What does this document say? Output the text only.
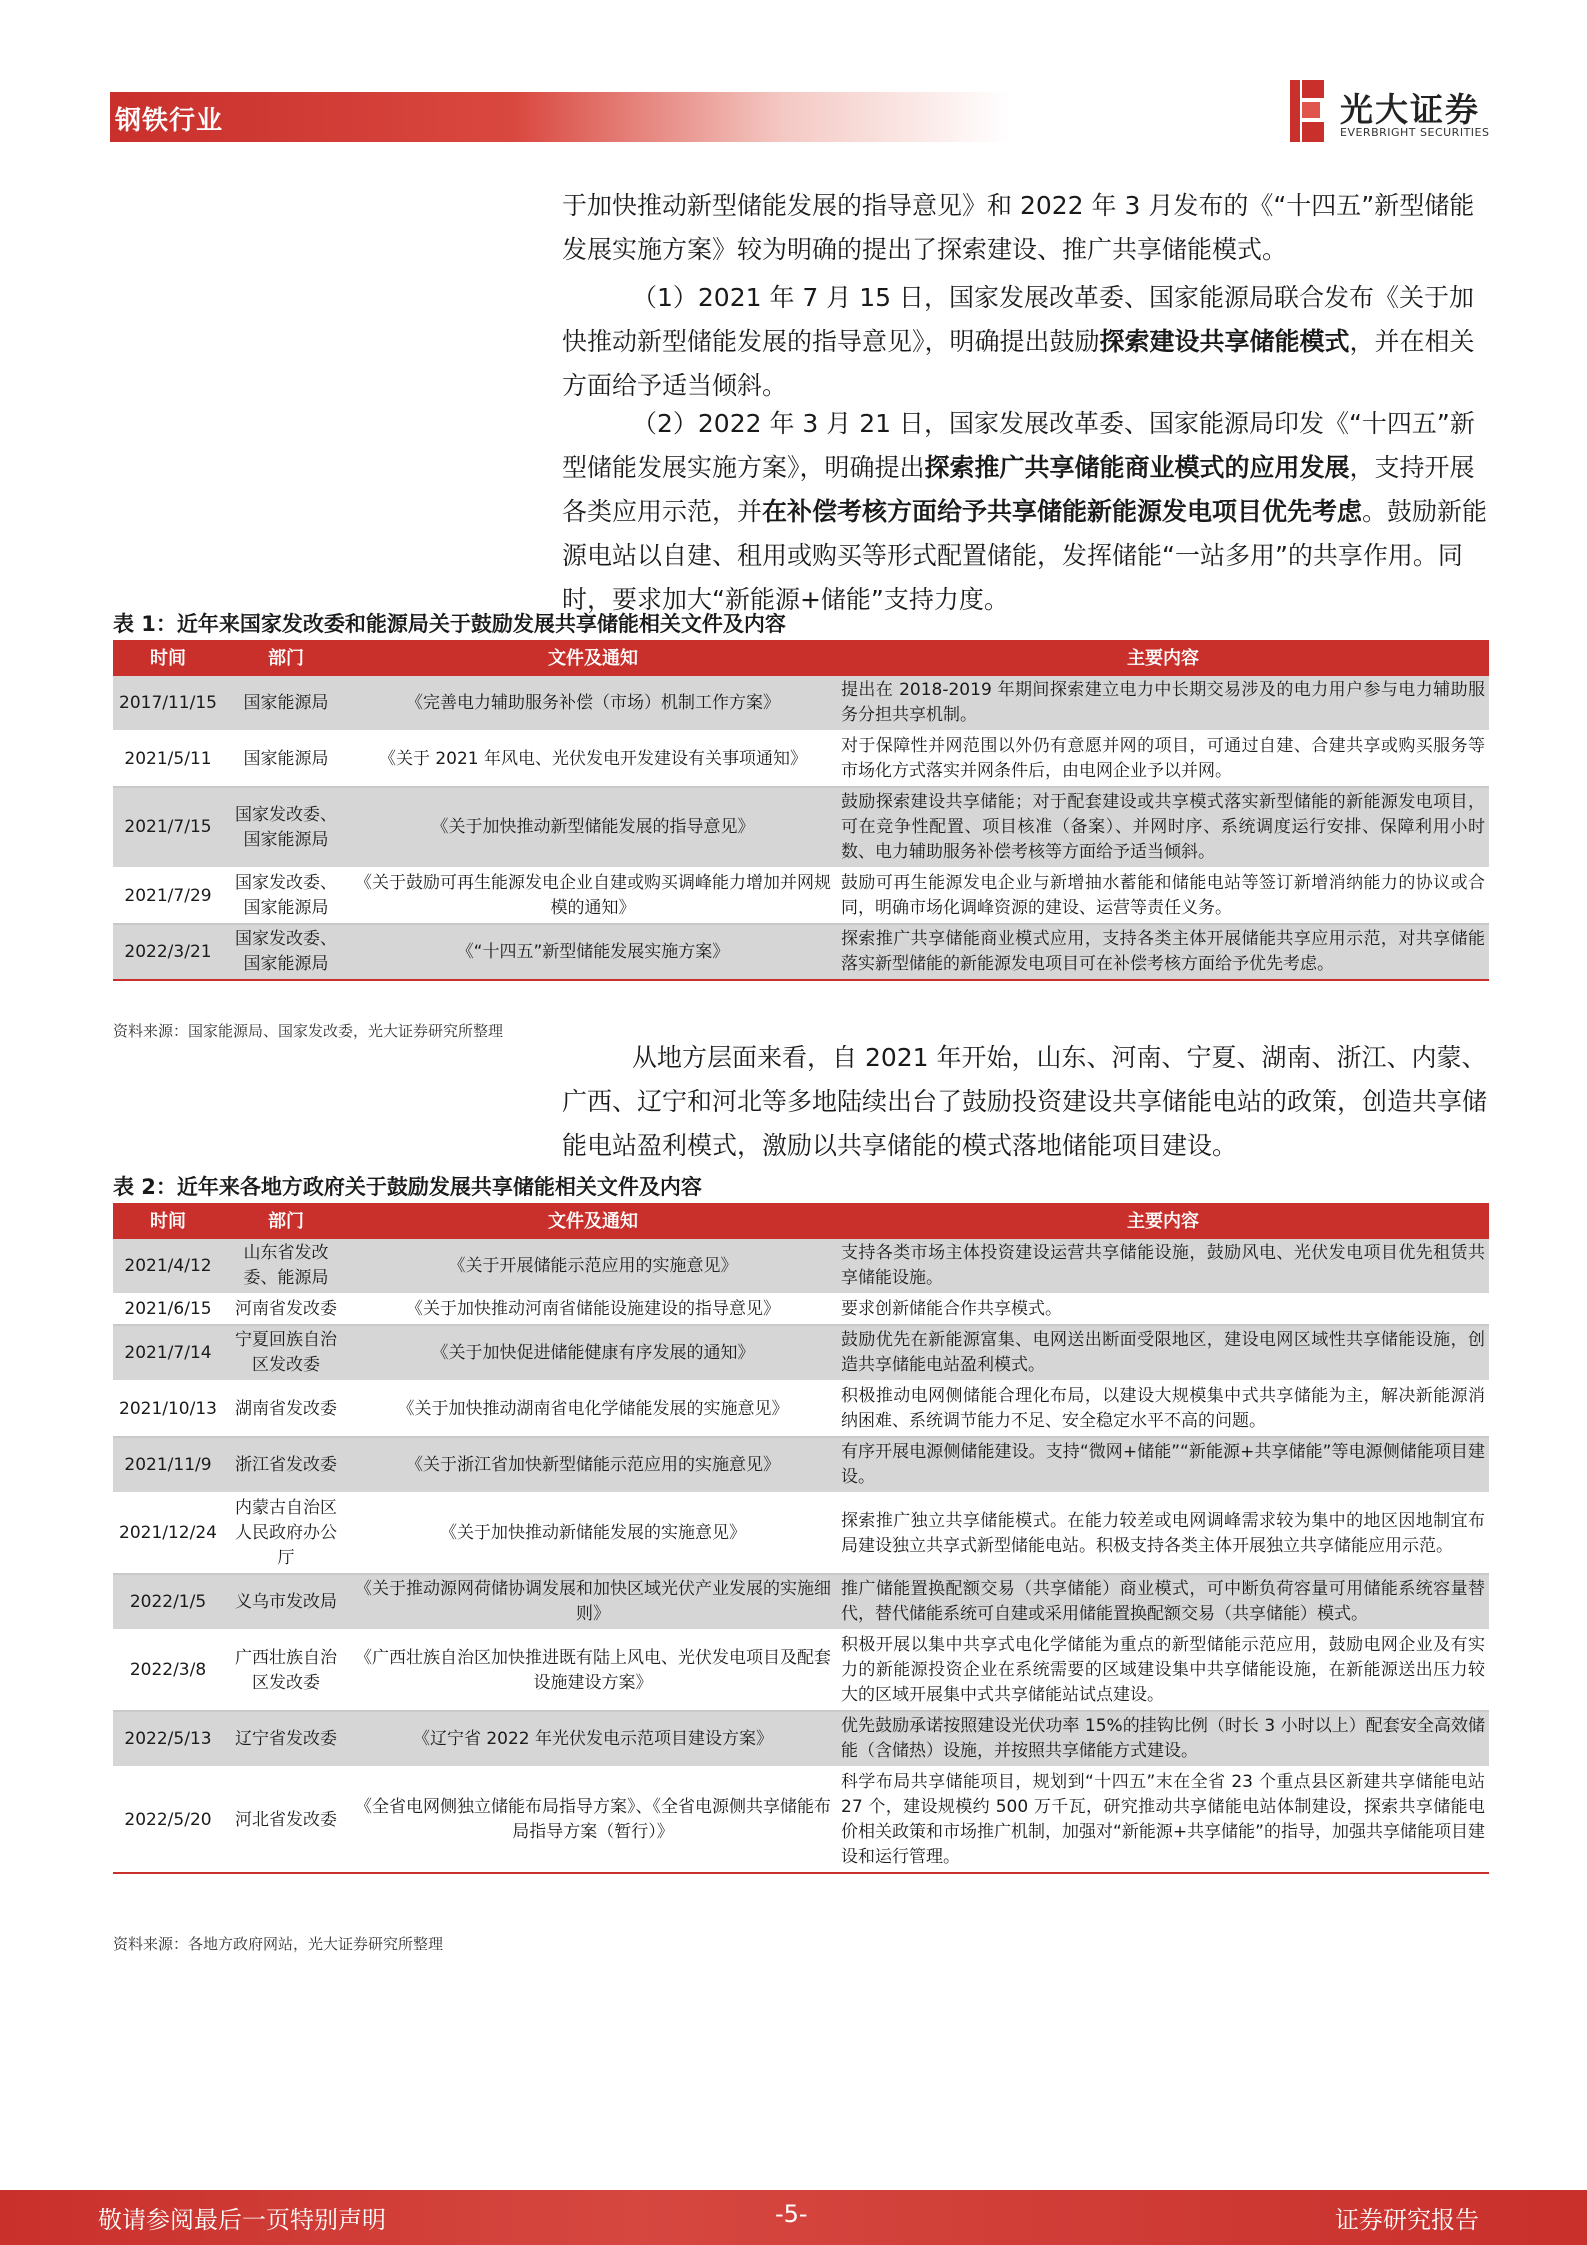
钢铁行业	光大证券
EVERBRIGHT SECURITIES
于加快推动新型储能发展的指导意见》和 2022 年 3 月发布的《“十四五”新型储能发展实施方案》较为明确的提出了探索建设、推广共享储能模式。
（1）2021 年 7 月 15 日，国家发展改革委、国家能源局联合发布《关于加快推动新型储能发展的指导意见》，明确提出鼓励探索建设共享储能模式，并在相关方面给予适当倾斜。
（2）2022 年 3 月 21 日，国家发展改革委、国家能源局印发《“十四五”新型储能发展实施方案》，明确提出探索推广共享储能商业模式的应用发展，支持开展各类应用示范，并在补偿考核方面给予共享储能新能源发电项目优先考虑。鼓励新能源电站以自建、租用或购买等形式配置储能，发挥储能“一站多用”的共享作用。同时，要求加大“新能源+储能”支持力度。
表 1：近年来国家发改委和能源局关于鼓励发展共享储能相关文件及内容
时间	部门	文件及通知	主要内容
2017/11/15	国家能源局	《完善电力辅助服务补偿（市场）机制工作方案》	提出在 2018-2019 年期间探索建立电力中长期交易涉及的电力用户参与电力辅助服务分担共享机制。
2021/5/11	国家能源局	《关于 2021 年风电、光伏发电开发建设有关事项通知》	对于保障性并网范围以外仍有意愿并网的项目，可通过自建、合建共享或购买服务等市场化方式落实并网条件后，由电网企业予以并网。
2021/7/15	国家发改委、国家能源局	《关于加快推动新型储能发展的指导意见》	鼓励探索建设共享储能；对于配套建设或共享模式落实新型储能的新能源发电项目，可在竞争性配置、项目核准（备案）、并网时序、系统调度运行安排、保障利用小时数、电力辅助服务补偿考核等方面给予适当倾斜。
2021/7/29	国家发改委、国家能源局	《关于鼓励可再生能源发电企业自建或购买调峰能力增加并网规模的通知》	鼓励可再生能源发电企业与新增抽水蓄能和储能电站等签订新增消纳能力的协议或合同，明确市场化调峰资源的建设、运营等责任义务。
2022/3/21	国家发改委、国家能源局	《“十四五”新型储能发展实施方案》	探索推广共享储能商业模式应用，支持各类主体开展储能共享应用示范，对共享储能落实新型储能的新能源发电项目可在补偿考核方面给予优先考虑。
资料来源：国家能源局、国家发改委，光大证券研究所整理
从地方层面来看，自 2021 年开始，山东、河南、宁夏、湖南、浙江、内蒙、广西、辽宁和河北等多地陆续出台了鼓励投资建设共享储能电站的政策，创造共享储能电站盈利模式，激励以共享储能的模式落地储能项目建设。
表 2：近年来各地方政府关于鼓励发展共享储能相关文件及内容
时间	部门	文件及通知	主要内容
2021/4/12	山东省发改委、能源局	《关于开展储能示范应用的实施意见》	支持各类市场主体投资建设运营共享储能设施，鼓励风电、光伏发电项目优先租赁共享储能设施。
2021/6/15	河南省发改委	《关于加快推动河南省储能设施建设的指导意见》	要求创新储能合作共享模式。
2021/7/14	宁夏回族自治区发改委	《关于加快促进储能健康有序发展的通知》	鼓励优先在新能源富集、电网送出断面受限地区，建设电网区域性共享储能设施，创造共享储能电站盈利模式。
2021/10/13	湖南省发改委	《关于加快推动湖南省电化学储能发展的实施意见》	积极推动电网侧储能合理化布局，以建设大规模集中式共享储能为主，解决新能源消纳困难、系统调节能力不足、安全稳定水平不高的问题。
2021/11/9	浙江省发改委	《关于浙江省加快新型储能示范应用的实施意见》	有序开展电源侧储能建设。支持“微网+储能”“新能源+共享储能”等电源侧储能项目建设。
2021/12/24	内蒙古自治区人民政府办公厅	《关于加快推动新储能发展的实施意见》	探索推广独立共享储能模式。在能力较差或电网调峰需求较为集中的地区因地制宜布局建设独立共享式新型储能电站。积极支持各类主体开展独立共享储能应用示范。
2022/1/5	义乌市发改局	《关于推动源网荷储协调发展和加快区域光伏产业发展的实施细则》	推广储能置换配额交易（共享储能）商业模式，可中断负荷容量可用储能系统容量替代，替代储能系统可自建或采用储能置换配额交易（共享储能）模式。
2022/3/8	广西壮族自治区发改委	《广西壮族自治区加快推进既有陆上风电、光伏发电项目及配套设施建设方案》	积极开展以集中共享式电化学储能为重点的新型储能示范应用，鼓励电网企业及有实力的新能源投资企业在系统需要的区域建设集中共享储能设施，在新能源送出压力较大的区域开展集中式共享储能站试点建设。
2022/5/13	辽宁省发改委	《辽宁省 2022 年光伏发电示范项目建设方案》	优先鼓励承诺按照建设光伏功率 15%的挂钩比例（时长 3 小时以上）配套安全高效储能（含储热）设施，并按照共享储能方式建设。
2022/5/20	河北省发改委	《全省电网侧独立储能布局指导方案》、《全省电源侧共享储能布局指导方案（暂行）》	科学布局共享储能项目，规划到“十四五”末在全省 23 个重点县区新建共享储能电站 27 个，建设规模约 500 万千瓦，研究推动共享储能电站体制建设，探索共享储能电价相关政策和市场推广机制，加强对“新能源+共享储能”的指导，加强共享储能项目建设和运行管理。
资料来源：各地方政府网站，光大证券研究所整理
敬请参阅最后一页特别声明	-5-	证券研究报告
